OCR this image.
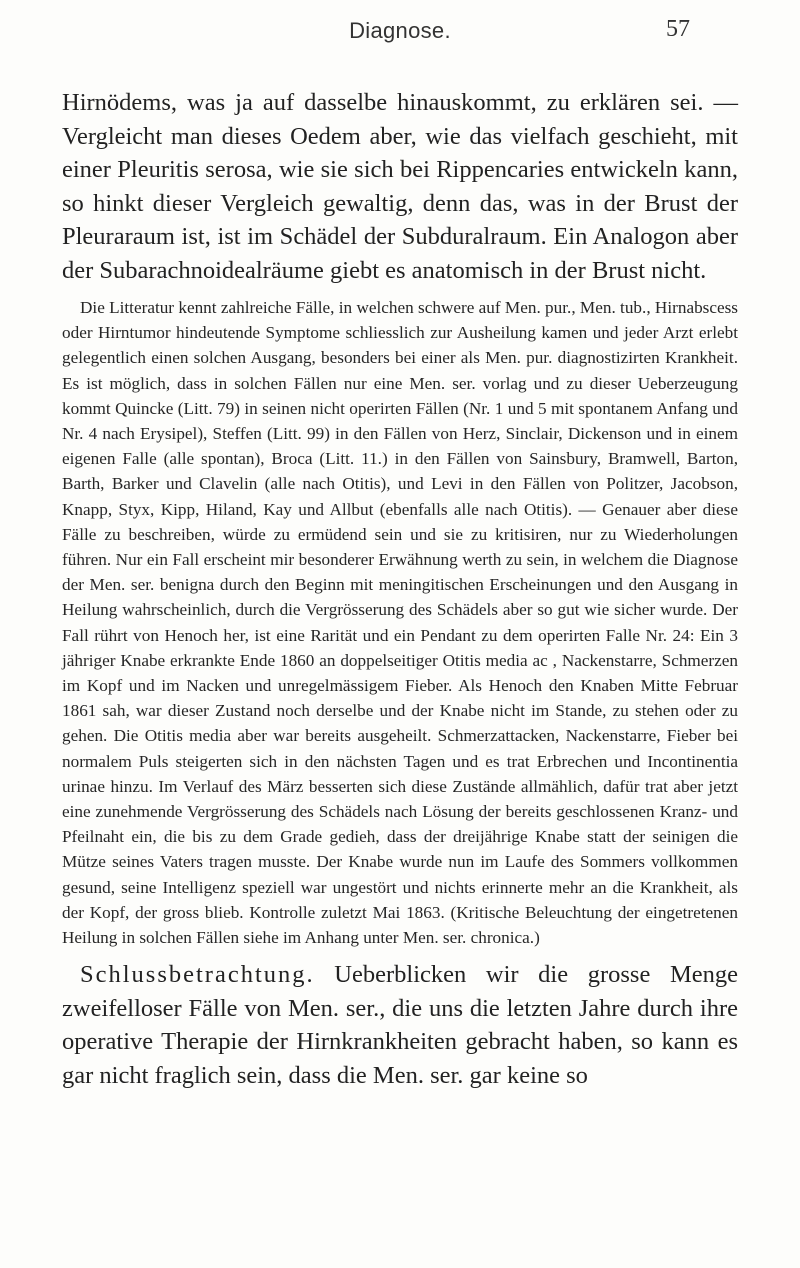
Diagnose.	57

Hirnödems, was ja auf dasselbe hinauskommt, zu erklären sei. — Vergleicht man dieses Oedem aber, wie das vielfach geschieht, mit einer Pleuritis serosa, wie sie sich bei Rippencaries entwickeln kann, so hinkt dieser Vergleich gewaltig, denn das, was in der Brust der Pleuraraum ist, ist im Schädel der Subduralraum. Ein Analogon aber der Subarachnoidealräume giebt es anatomisch in der Brust nicht.

Die Litteratur kennt zahlreiche Fälle, in welchen schwere auf Men. pur., Men. tub., Hirnabscess oder Hirntumor hindeutende Symptome schliesslich zur Ausheilung kamen und jeder Arzt erlebt gelegentlich einen solchen Ausgang, besonders bei einer als Men. pur. diagnostizirten Krankheit. Es ist möglich, dass in solchen Fällen nur eine Men. ser. vorlag und zu dieser Ueberzeugung kommt Quincke (Litt. 79) in seinen nicht operirten Fällen (Nr. 1 und 5 mit spontanem Anfang und Nr. 4 nach Erysipel), Steffen (Litt. 99) in den Fällen von Herz, Sinclair, Dickenson und in einem eigenen Falle (alle spontan), Broca (Litt. 11.) in den Fällen von Sainsbury, Bramwell, Barton, Barth, Barker und Clavelin (alle nach Otitis), und Levi in den Fällen von Politzer, Jacobson, Knapp, Styx, Kipp, Hiland, Kay und Allbut (ebenfalls alle nach Otitis). — Genauer aber diese Fälle zu beschreiben, würde zu ermüdend sein und sie zu kritisiren, nur zu Wiederholungen führen. Nur ein Fall erscheint mir besonderer Erwähnung werth zu sein, in welchem die Diagnose der Men. ser. benigna durch den Beginn mit meningitischen Erscheinungen und den Ausgang in Heilung wahrscheinlich, durch die Vergrösserung des Schädels aber so gut wie sicher wurde. Der Fall rührt von Henoch her, ist eine Rarität und ein Pendant zu dem operirten Falle Nr. 24: Ein 3 jähriger Knabe erkrankte Ende 1860 an doppelseitiger Otitis media ac , Nackenstarre, Schmerzen im Kopf und im Nacken und unregelmässigem Fieber. Als Henoch den Knaben Mitte Februar 1861 sah, war dieser Zustand noch derselbe und der Knabe nicht im Stande, zu stehen oder zu gehen. Die Otitis media aber war bereits ausgeheilt. Schmerzattacken, Nackenstarre, Fieber bei normalem Puls steigerten sich in den nächsten Tagen und es trat Erbrechen und Incontinentia urinae hinzu. Im Verlauf des März besserten sich diese Zustände allmählich, dafür trat aber jetzt eine zunehmende Vergrösserung des Schädels nach Lösung der bereits geschlossenen Kranz- und Pfeilnaht ein, die bis zu dem Grade gedieh, dass der dreijährige Knabe statt der seinigen die Mütze seines Vaters tragen musste. Der Knabe wurde nun im Laufe des Sommers vollkommen gesund, seine Intelligenz speziell war ungestört und nichts erinnerte mehr an die Krankheit, als der Kopf, der gross blieb. Kontrolle zuletzt Mai 1863. (Kritische Beleuchtung der eingetretenen Heilung in solchen Fällen siehe im Anhang unter Men. ser. chronica.)

Schlussbetrachtung. Ueberblicken wir die grosse Menge zweifelloser Fälle von Men. ser., die uns die letzten Jahre durch ihre operative Therapie der Hirnkrankheiten gebracht haben, so kann es gar nicht fraglich sein, dass die Men. ser. gar keine so
